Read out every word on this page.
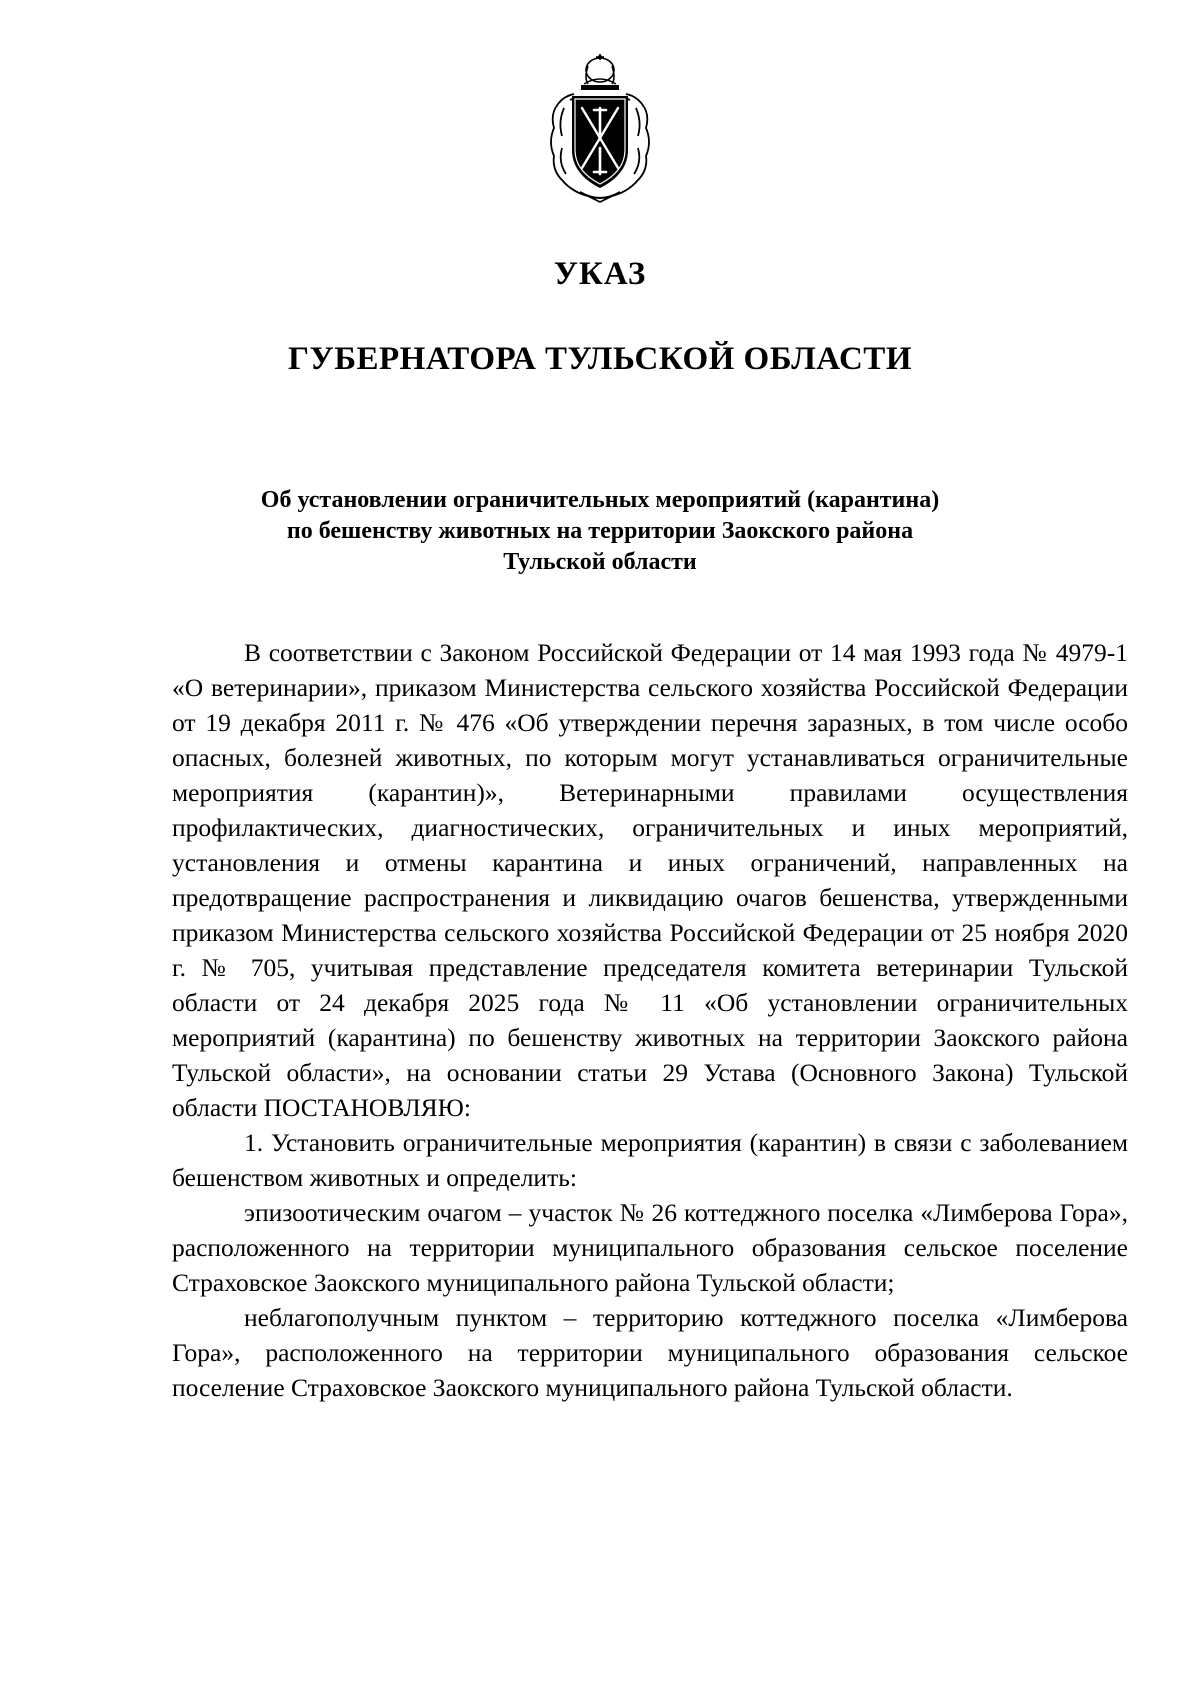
УКАЗ
ГУБЕРНАТОРА ТУЛЬСКОЙ ОБЛАСТИ
Об установлении ограничительных мероприятий (карантина)
по бешенству животных на территории Заокского района
Тульской области

В соответствии с Законом Российской Федерации от 14 мая 1993 года № 4979-1 «О ветеринарии», приказом Министерства сельского хозяйства Российской Федерации от 19 декабря 2011 г. № 476 «Об утверждении перечня заразных, в том числе особо опасных, болезней животных, по которым могут устанавливаться ограничительные мероприятия (карантин)», Ветеринарными правилами осуществления профилактических, диагностических, ограничительных и иных мероприятий, установления и отмены карантина и иных ограничений, направленных на предотвращение распространения и ликвидацию очагов бешенства, утвержденными приказом Министерства сельского хозяйства Российской Федерации от 25 ноября 2020 г. № 705, учитывая представление председателя комитета ветеринарии Тульской области от 24 декабря 2025 года № 11 «Об установлении ограничительных мероприятий (карантина) по бешенству животных на территории Заокского района Тульской области», на основании статьи 29 Устава (Основного Закона) Тульской области ПОСТАНОВЛЯЮ:

1. Установить ограничительные мероприятия (карантин) в связи с заболеванием бешенством животных и определить:

эпизоотическим очагом – участок № 26 коттеджного поселка «Лимберова Гора», расположенного на территории муниципального образования сельское поселение Страховское Заокского муниципального района Тульской области;

неблагополучным пунктом – территорию коттеджного поселка «Лимберова Гора», расположенного на территории муниципального образования сельское поселение Страховское Заокского муниципального района Тульской области.
